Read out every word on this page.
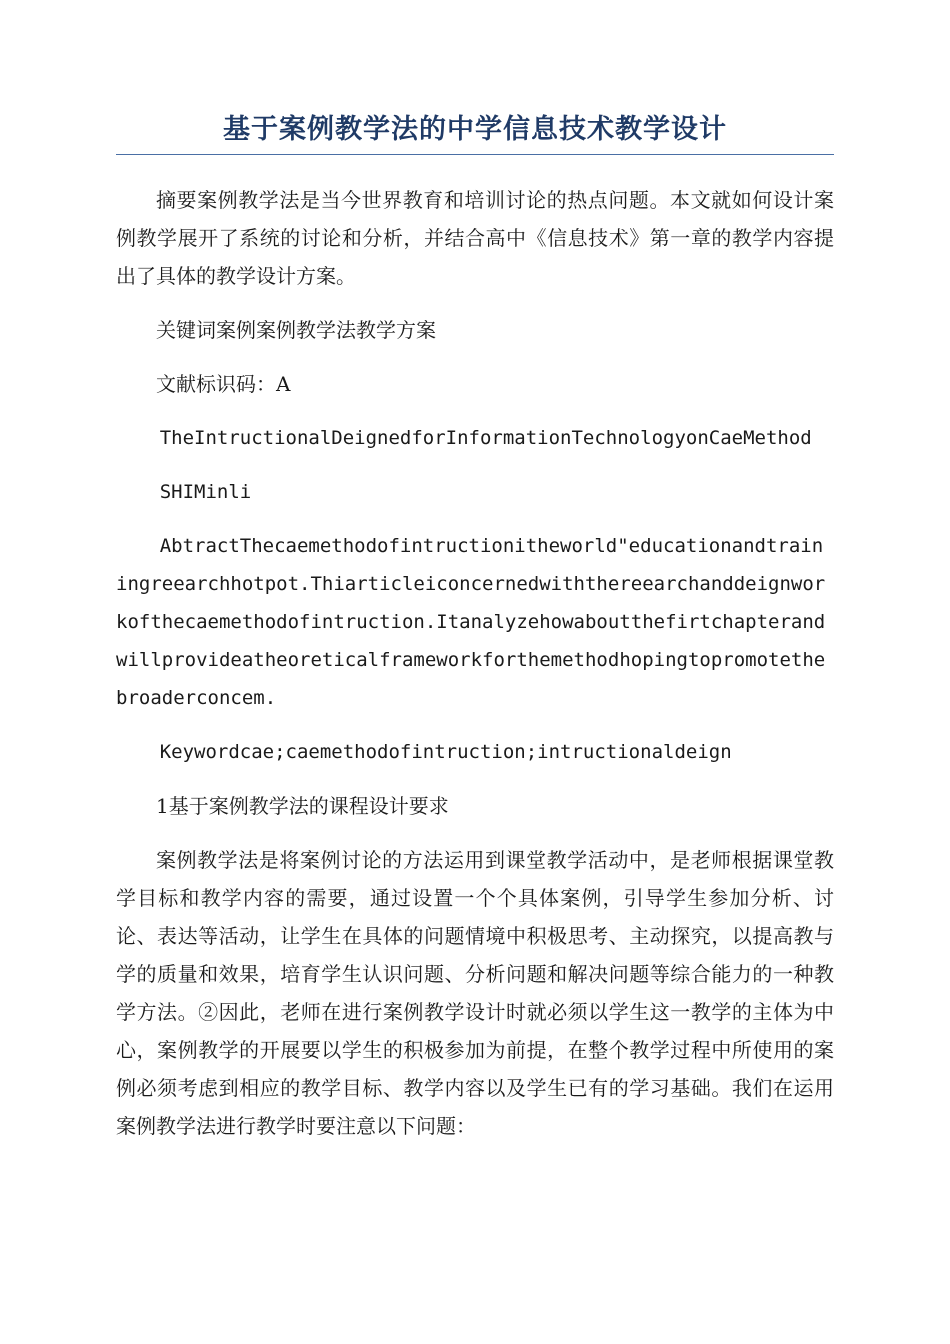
基于案例教学法的中学信息技术教学设计

摘要案例教学法是当今世界教育和培训讨论的热点问题。本文就如何设计案例教学展开了系统的讨论和分析，并结合高中《信息技术》第一章的教学内容提出了具体的教学设计方案。

关键词案例案例教学法教学方案

文献标识码：A

TheIntructionalDeignedforInformationTechnologyonCaeMethod

SHIMinli

AbtractThecaemethodofintructionitheworld"educationandtrainingreearchhotpot.Thiarticleiconcernedwiththereearchanddeignworkofthecaemethodofintruction.Itanalyzehowaboutthefirtchapterandwillprovideatheoreticalframeworkforthemethodhopingtopromotethebroaderconcem.

Keywordcae;caemethodofintruction;intructionaldeign

1基于案例教学法的课程设计要求

案例教学法是将案例讨论的方法运用到课堂教学活动中，是老师根据课堂教学目标和教学内容的需要，通过设置一个个具体案例，引导学生参加分析、讨论、表达等活动，让学生在具体的问题情境中积极思考、主动探究，以提高教与学的质量和效果，培育学生认识问题、分析问题和解决问题等综合能力的一种教学方法。②因此，老师在进行案例教学设计时就必须以学生这一教学的主体为中心，案例教学的开展要以学生的积极参加为前提，在整个教学过程中所使用的案例必须考虑到相应的教学目标、教学内容以及学生已有的学习基础。我们在运用案例教学法进行教学时要注意以下问题：
